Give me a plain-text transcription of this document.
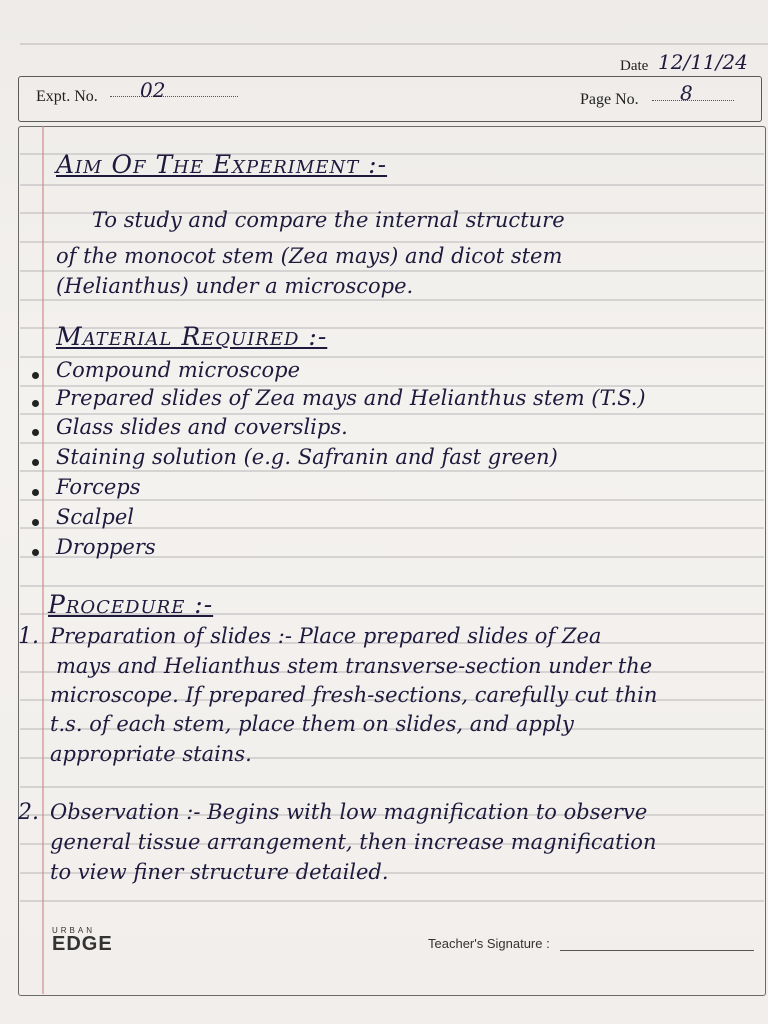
Date 12/11/24
Expt. No. 02	Page No. 8
Aim Of The Experiment :-
To study and compare the internal structure
of the monocot stem (Zea mays) and dicot stem
(Helianthus) under a microscope.
Material Required :-
Compound microscope
Prepared slides of Zea mays and Helianthus stem (T.S.)
Glass slides and coverslips.
Staining solution (e.g. Safranin and fast green)
Forceps
Scalpel
Droppers
Procedure :-
1. Preparation of slides :- Place prepared slides of Zea
mays and Helianthus stem transverse-section under the
microscope. If prepared fresh-sections, carefully cut thin
t.s. of each stem, place them on slides, and apply
appropriate stains.
2. Observation :- Begins with low magnification to observe
general tissue arrangement, then increase magnification
to view finer structure detailed.
URBAN
EDGE	Teacher's Signature :
